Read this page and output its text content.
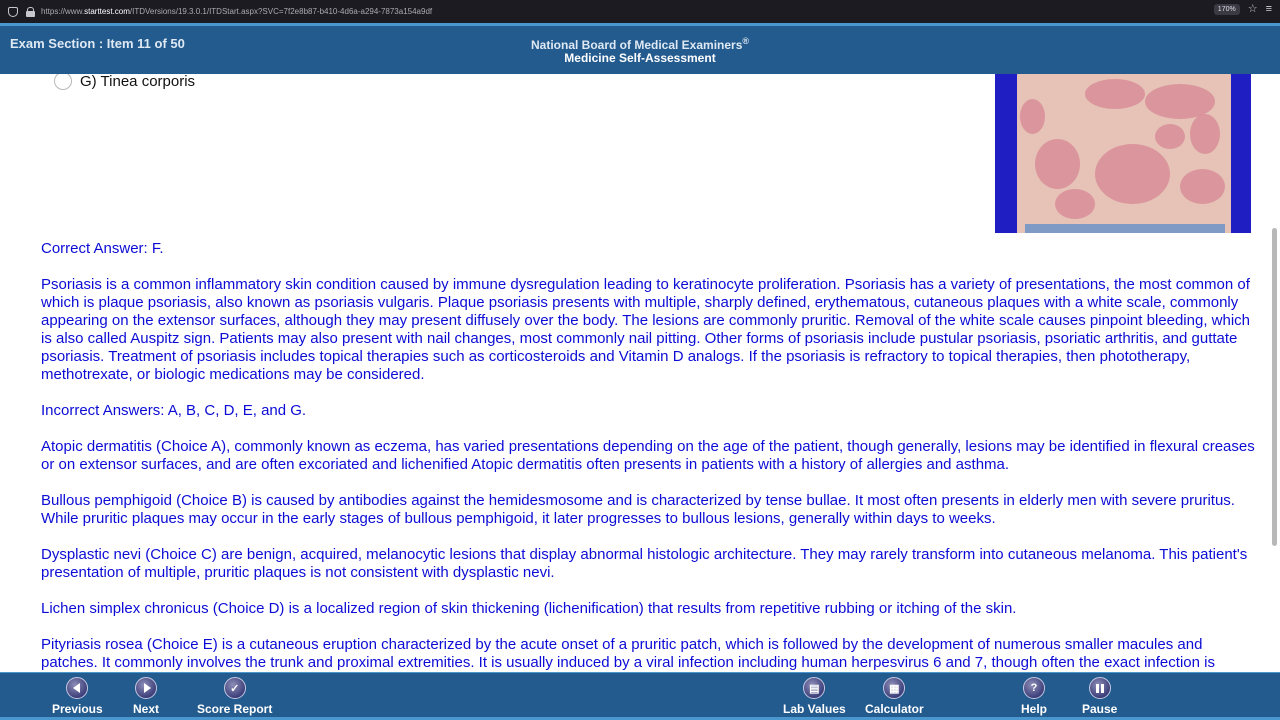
https://www.starttest.com/ITDVersions/19.3.0.1/ITDStart.aspx?SVC=7f2e8b87-b410-4d6a-a294-7873a154a9df	170%	☆ ≡
Exam Section : Item 11 of 50	National Board of Medical Examiners®
Medicine Self-Assessment
G) Tinea corporis

Correct Answer: F.

Psoriasis is a common inflammatory skin condition caused by immune dysregulation leading to keratinocyte proliferation. Psoriasis has a variety of presentations, the most common of which is plaque psoriasis, also known as psoriasis vulgaris. Plaque psoriasis presents with multiple, sharply defined, erythematous, cutaneous plaques with a white scale, commonly appearing on the extensor surfaces, although they may present diffusely over the body. The lesions are commonly pruritic. Removal of the white scale causes pinpoint bleeding, which is also called Auspitz sign. Patients may also present with nail changes, most commonly nail pitting. Other forms of psoriasis include pustular psoriasis, psoriatic arthritis, and guttate psoriasis. Treatment of psoriasis includes topical therapies such as corticosteroids and Vitamin D analogs. If the psoriasis is refractory to topical therapies, then phototherapy, methotrexate, or biologic medications may be considered.

Incorrect Answers: A, B, C, D, E, and G.

Atopic dermatitis (Choice A), commonly known as eczema, has varied presentations depending on the age of the patient, though generally, lesions may be identified in flexural creases or on extensor surfaces, and are often excoriated and lichenified Atopic dermatitis often presents in patients with a history of allergies and asthma.

Bullous pemphigoid (Choice B) is caused by antibodies against the hemidesmosome and is characterized by tense bullae. It most often presents in elderly men with severe pruritus. While pruritic plaques may occur in the early stages of bullous pemphigoid, it later progresses to bullous lesions, generally within days to weeks.

Dysplastic nevi (Choice C) are benign, acquired, melanocytic lesions that display abnormal histologic architecture. They may rarely transform into cutaneous melanoma. This patient's presentation of multiple, pruritic plaques is not consistent with dysplastic nevi.

Lichen simplex chronicus (Choice D) is a localized region of skin thickening (lichenification) that results from repetitive rubbing or itching of the skin.

Pityriasis rosea (Choice E) is a cutaneous eruption characterized by the acute onset of a pruritic patch, which is followed by the development of numerous smaller macules and patches. It commonly involves the trunk and proximal extremities. It is usually induced by a viral infection including human herpesvirus 6 and 7, though often the exact infection is

Previous	Next
✓
Score Report
▤
Lab Values
▦
Calculator
?
Help	Pause
